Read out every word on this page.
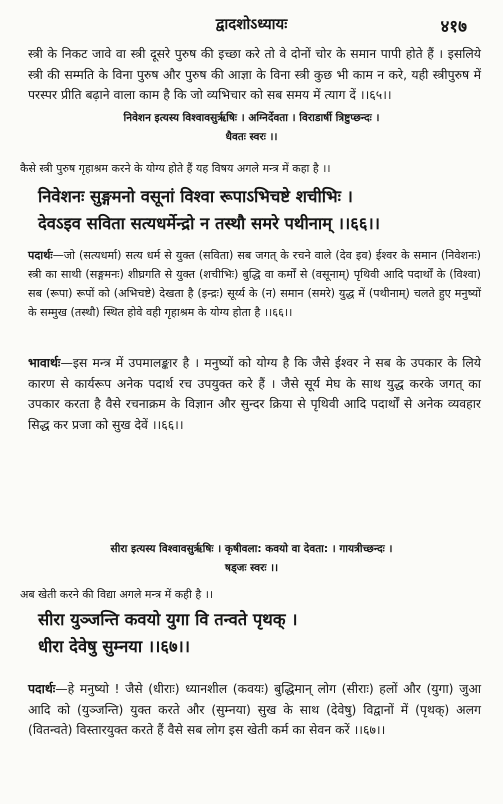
द्वादशोऽध्यायः	४१७

स्त्री के निकट जावे वा स्त्री दूसरे पुरुष की इच्छा करे तो वे दोनों चोर के समान पापी होते हैं । इसलिये स्त्री की सम्मति के विना पुरुष और पुरुष की आज्ञा के विना स्त्री कुछ भी काम न करे, यही स्त्रीपुरुष में परस्पर प्रीति बढ़ाने वाला काम है कि जो व्यभिचार को सब समय में त्याग दें ।।६५।।

निवेशन इत्यस्य विश्वावसुर्ऋषिः । अग्निर्देवता । विराडार्षी त्रिष्टुप्छन्दः ।
धैवतः स्वरः ।।

कैसे स्त्री पुरुष गृहाश्रम करने के योग्य होते हैं यह विषय अगले मन्त्र में कहा है ।।

निवेशनः सुङ्गमनो वसूनां विश्वा रूपाऽभिचष्टे शचीभिः ।
देवऽइव सविता सत्यधर्मेन्द्रो न तस्थौ समरे पथीनाम् ।।६६।।

पदार्थः—जो (सत्यधर्मा) सत्य धर्म से युक्त (सविता) सब जगत् के रचने वाले (देव इव) ईश्वर के समान (निवेशनः) स्त्री का साथी (सङ्गमनः) शीघ्रगति से युक्त (शचीभिः) बुद्धि वा कर्मों से (वसूनाम्) पृथिवी आदि पदार्थों के (विश्वा) सब (रूपा) रूपों को (अभिचष्टे) देखता है (इन्द्रः) सूर्य्य के (न) समान (समरे) युद्ध में (पथीनाम्) चलते हुए मनुष्यों के सम्मुख (तस्थौ) स्थित होवे वही गृहाश्रम के योग्य होता है ।।६६।।

भावार्थः—इस मन्त्र में उपमालङ्कार है । मनुष्यों को योग्य है कि जैसे ईश्वर ने सब के उपकार के लिये कारण से कार्यरूप अनेक पदार्थ रच उपयुक्त करे हैं । जैसे सूर्य मेघ के साथ युद्ध करके जगत् का उपकार करता है वैसे रचनाक्रम के विज्ञान और सुन्दर क्रिया से पृथिवी आदि पदार्थों से अनेक व्यवहार सिद्ध कर प्रजा को सुख देवें ।।६६।।

सीरा इत्यस्य विश्वावसुर्ऋषिः । कृषीवला: कवयो वा देवता: । गायत्रीच्छन्दः ।
षड्जः स्वरः ।।

अब खेती करने की विद्या अगले मन्त्र में कही है ।।

सीरा युञ्जन्ति कवयो युगा वि तन्वते पृथक् ।
धीरा देवेषु सुम्नया ।।६७।।

पदार्थः—हे मनुष्यो ! जैसे (धीराः) ध्यानशील (कवयः) बुद्धिमान् लोग (सीराः) हलों और (युगा) जुआ आदि को (युञ्जन्ति) युक्त करते और (सुम्नया) सुख के साथ (देवेषु) विद्वानों में (पृथक्) अलग (वितन्वते) विस्तारयुक्त करते हैं वैसे सब लोग इस खेती कर्म का सेवन करें ।।६७।।
